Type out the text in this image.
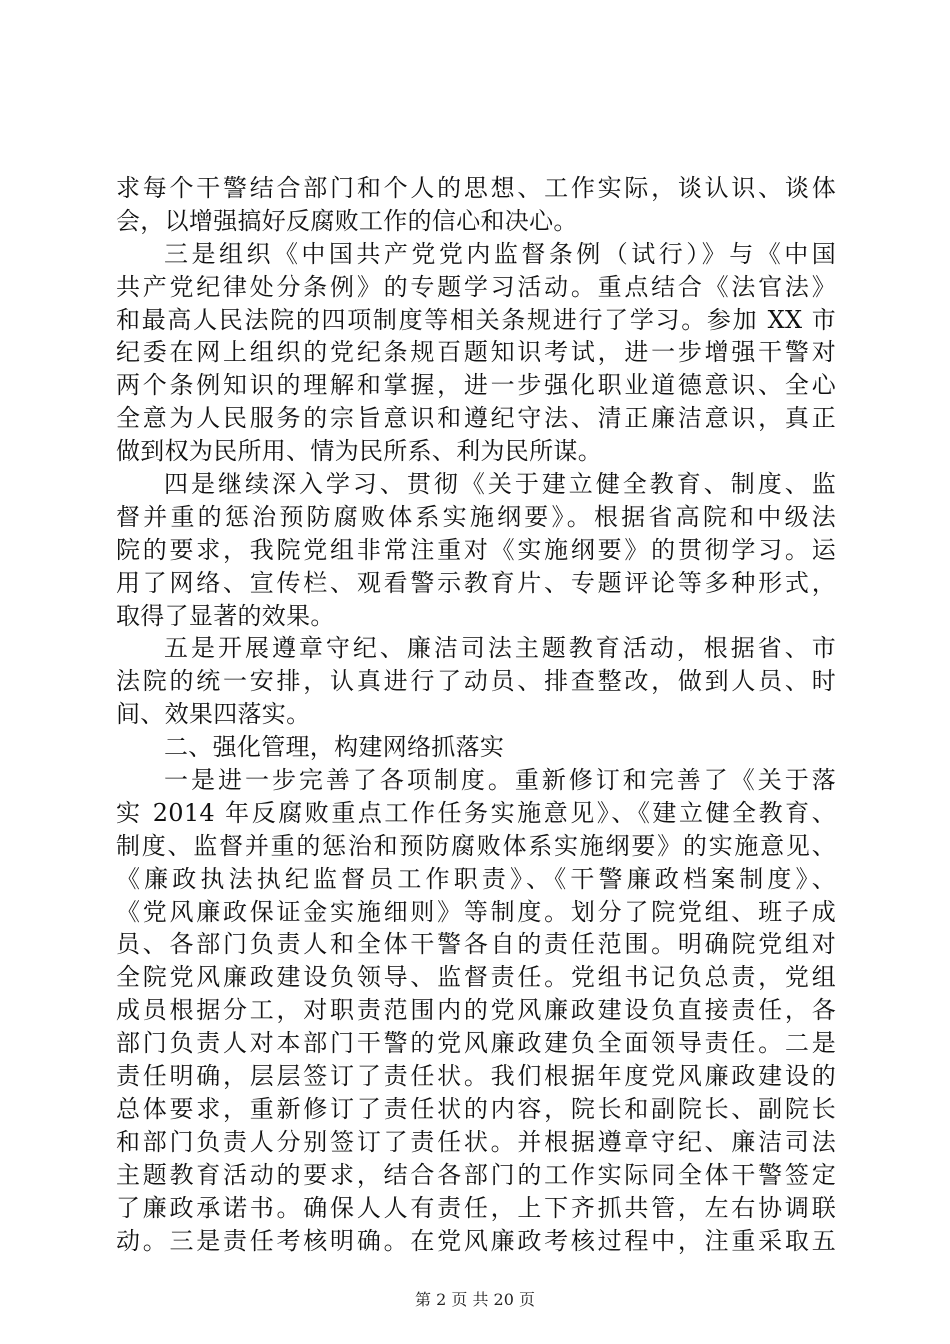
求每个干警结合部门和个人的思想、工作实际，谈认识、谈体
会，以增强搞好反腐败工作的信心和决心。
三是组织《中国共产党党内监督条例（试行）》与《中国
共产党纪律处分条例》的专题学习活动。重点结合《法官法》
和最高人民法院的四项制度等相关条规进行了学习。参加 XX 市
纪委在网上组织的党纪条规百题知识考试，进一步增强干警对
两个条例知识的理解和掌握，进一步强化职业道德意识、全心
全意为人民服务的宗旨意识和遵纪守法、清正廉洁意识，真正
做到权为民所用、情为民所系、利为民所谋。
四是继续深入学习、贯彻《关于建立健全教育、制度、监
督并重的惩治预防腐败体系实施纲要》。根据省高院和中级法
院的要求，我院党组非常注重对《实施纲要》的贯彻学习。运
用了网络、宣传栏、观看警示教育片、专题评论等多种形式，
取得了显著的效果。
五是开展遵章守纪、廉洁司法主题教育活动，根据省、市
法院的统一安排，认真进行了动员、排查整改，做到人员、时
间、效果四落实。
二、强化管理，构建网络抓落实
一是进一步完善了各项制度。重新修订和完善了《关于落
实 2014 年反腐败重点工作任务实施意见》、《建立健全教育、
制度、监督并重的惩治和预防腐败体系实施纲要》的实施意见、
《廉政执法执纪监督员工作职责》、《干警廉政档案制度》、
《党风廉政保证金实施细则》等制度。划分了院党组、班子成
员、各部门负责人和全体干警各自的责任范围。明确院党组对
全院党风廉政建设负领导、监督责任。党组书记负总责，党组
成员根据分工，对职责范围内的党风廉政建设负直接责任，各
部门负责人对本部门干警的党风廉政建负全面领导责任。二是
责任明确，层层签订了责任状。我们根据年度党风廉政建设的
总体要求，重新修订了责任状的内容，院长和副院长、副院长
和部门负责人分别签订了责任状。并根据遵章守纪、廉洁司法
主题教育活动的要求，结合各部门的工作实际同全体干警签定
了廉政承诺书。确保人人有责任，上下齐抓共管，左右协调联
动。三是责任考核明确。在党风廉政考核过程中，注重采取五
第 2 页 共 20 页
